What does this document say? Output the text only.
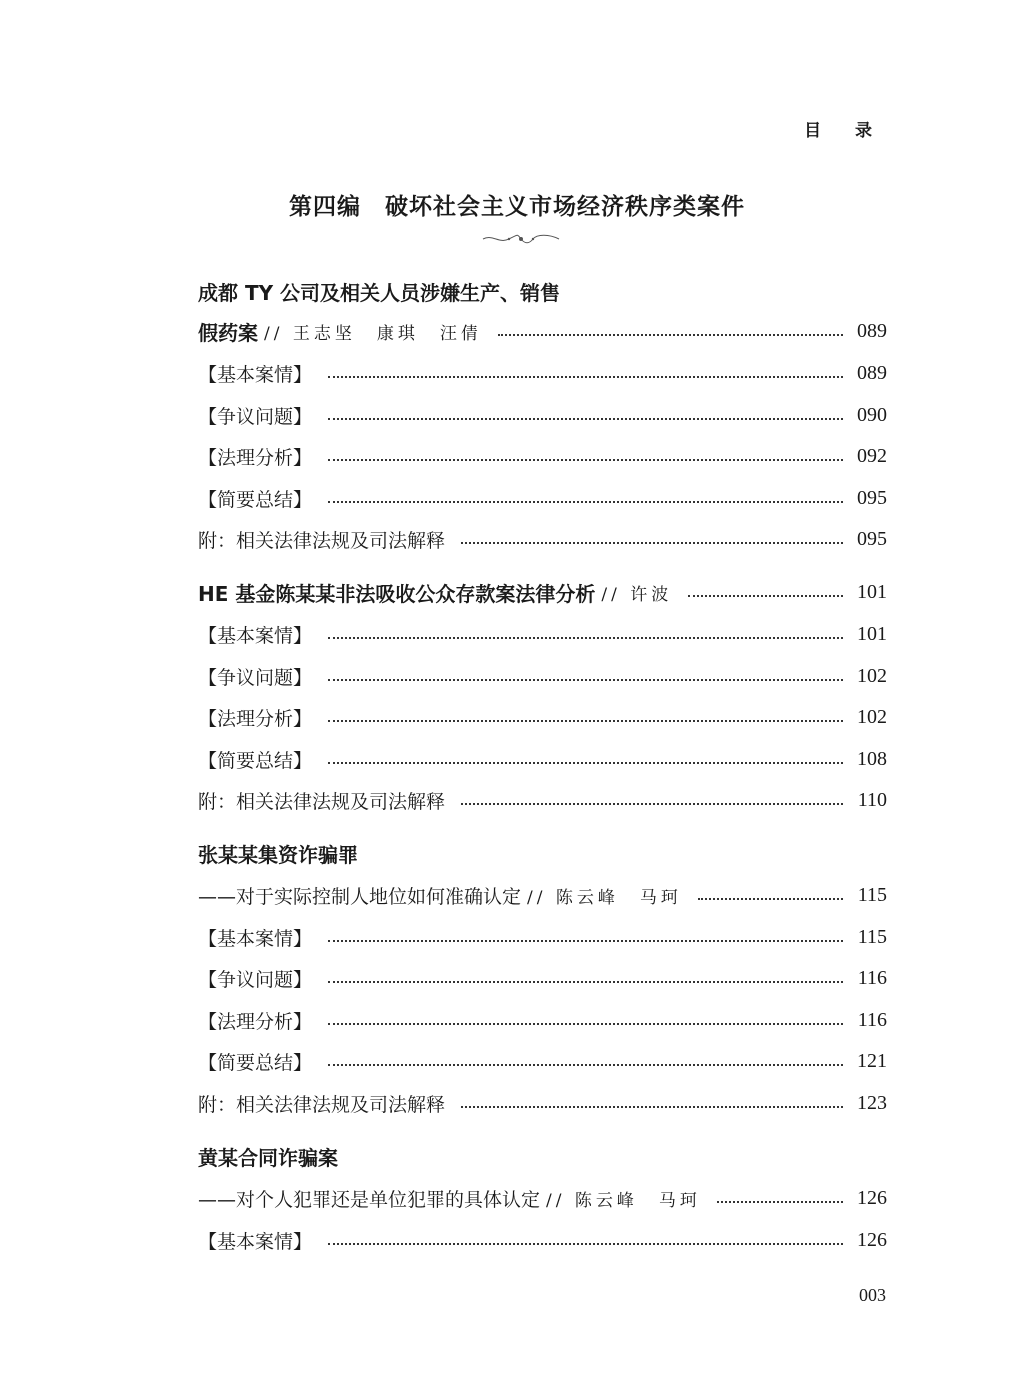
目 录
第四编　破坏社会主义市场经济秩序类案件
成都 TY 公司及相关人员涉嫌生产、销售
假药案 // 王志坚　康琪　汪倩	089
【基本案情】	089
【争议问题】	090
【法理分析】	092
【简要总结】	095
附：相关法律法规及司法解释	095
HE 基金陈某某非法吸收公众存款案法律分析 // 许波	101
【基本案情】	101
【争议问题】	102
【法理分析】	102
【简要总结】	108
附：相关法律法规及司法解释	110
张某某集资诈骗罪
——对于实际控制人地位如何准确认定 // 陈云峰　马珂	115
【基本案情】	115
【争议问题】	116
【法理分析】	116
【简要总结】	121
附：相关法律法规及司法解释	123
黄某合同诈骗案
——对个人犯罪还是单位犯罪的具体认定 // 陈云峰　马珂	126
【基本案情】	126
003
